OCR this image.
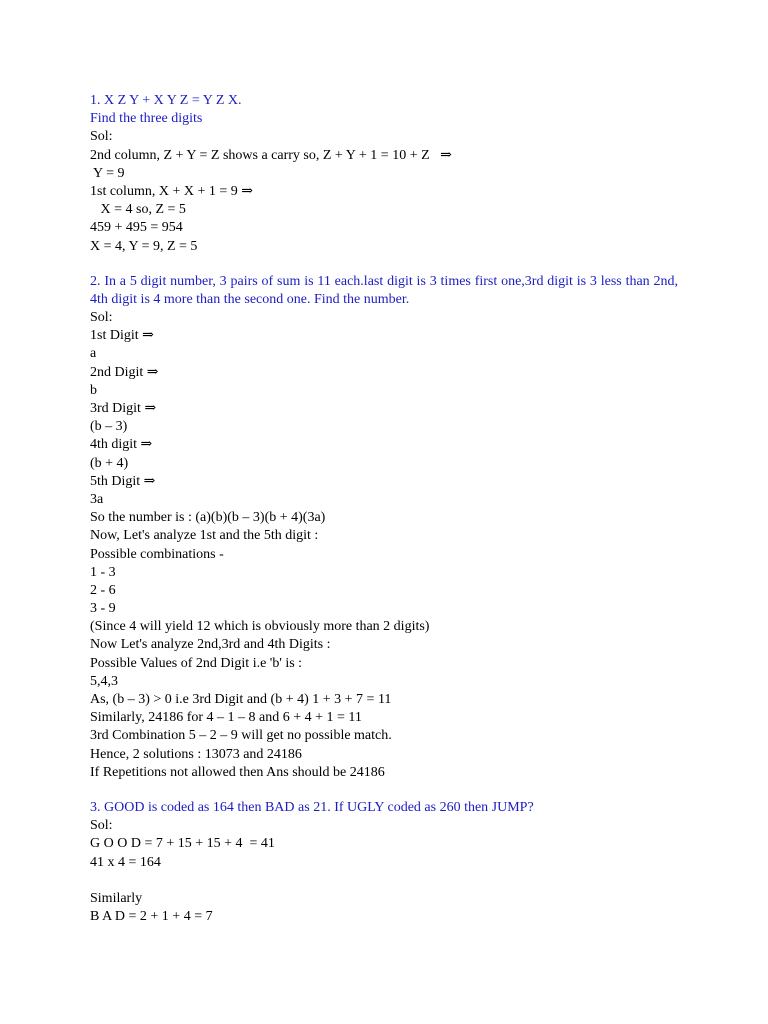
1. X Z Y + X Y Z = Y Z X.
Find the three digits
Sol:
2nd column, Z + Y = Z shows a carry so, Z + Y + 1 = 10 + Z   ⇒
Y = 9
1st column, X + X + 1 = 9 ⇒
X = 4 so, Z = 5
459 + 495 = 954
X = 4, Y = 9, Z = 5
2. In a 5 digit number, 3 pairs of sum is 11 each.last digit is 3 times first one,3rd digit is 3 less than 2nd, 4th digit is 4 more than the second one. Find the number.
Sol:
1st Digit ⇒
a
2nd Digit ⇒
b
3rd Digit ⇒
(b – 3)
4th digit ⇒
(b + 4)
5th Digit ⇒
3a
So the number is : (a)(b)(b – 3)(b + 4)(3a)
Now, Let's analyze 1st and the 5th digit :
Possible combinations -
1 - 3
2 - 6
3 - 9
(Since 4 will yield 12 which is obviously more than 2 digits)
Now Let's analyze 2nd,3rd and 4th Digits :
Possible Values of 2nd Digit i.e 'b' is :
5,4,3
As, (b – 3) > 0 i.e 3rd Digit and (b + 4) 1 + 3 + 7 = 11
Similarly, 24186 for 4 – 1 – 8 and 6 + 4 + 1 = 11
3rd Combination 5 – 2 – 9 will get no possible match.
Hence, 2 solutions : 13073 and 24186
If Repetitions not allowed then Ans should be 24186
3. GOOD is coded as 164 then BAD as 21. If UGLY coded as 260 then JUMP?
Sol:
G O O D = 7 + 15 + 15 + 4  = 41
41 x 4 = 164
Similarly
B A D = 2 + 1 + 4 = 7
